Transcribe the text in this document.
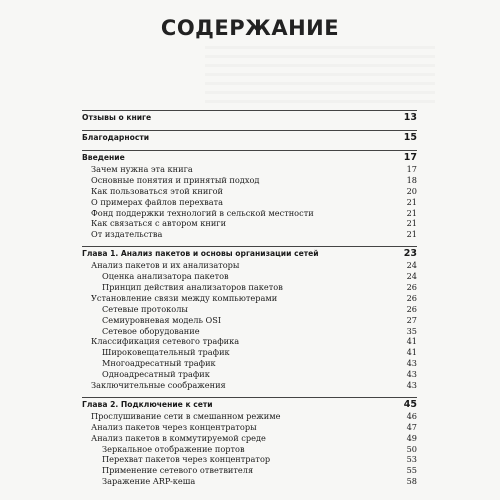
СОДЕРЖАНИЕ
Отзывы о книге	13
Благодарности	15
Введение	17
Зачем нужна эта книга	17
Основные понятия и принятый подход	18
Как пользоваться этой книгой	20
О примерах файлов перехвата	21
Фонд поддержки технологий в сельской местности	21
Как связаться с автором книги	21
От издательства	21
Глава 1. Анализ пакетов и основы организации сетей	23
Анализ пакетов и их анализаторы	24
Оценка анализатора пакетов	24
Принцип действия анализаторов пакетов	26
Установление связи между компьютерами	26
Сетевые протоколы	26
Семиуровневая модель OSI	27
Сетевое оборудование	35
Классификация сетевого трафика	41
Широковещательный трафик	41
Многоадресатный трафик	43
Одноадресатный трафик	43
Заключительные соображения	43
Глава 2. Подключение к сети	45
Прослушивание сети в смешанном режиме	46
Анализ пакетов через концентраторы	47
Анализ пакетов в коммутируемой среде	49
Зеркальное отображение портов	50
Перехват пакетов через концентратор	53
Применение сетевого ответвителя	55
Заражение ARP-кеша	58
